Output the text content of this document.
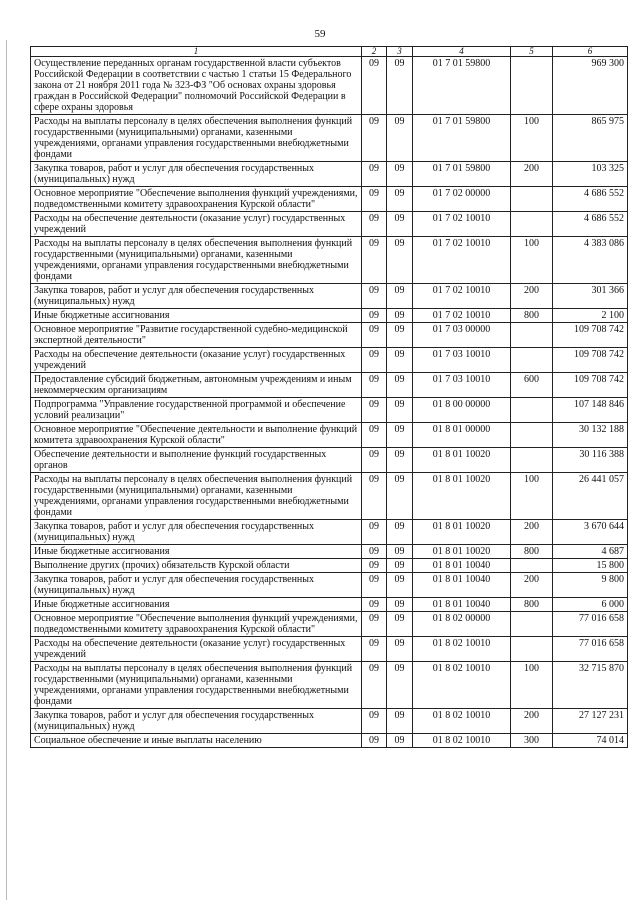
59
1	2	3	4	5	6
Осуществление переданных органам государственной власти субъектов Российской Федерации в соответствии с частью 1 статьи 15 Федерального закона от 21 ноября 2011 года № 323-ФЗ "Об основах охраны здоровья граждан в Российской Федерации" полномочий Российской Федерации в сфере охраны здоровья	09	09	01 7 01 59800		969 300
Расходы на выплаты персоналу в целях обеспечения выполнения функций государственными (муниципальными) органами, казенными учреждениями, органами управления государственными внебюджетными фондами	09	09	01 7 01 59800	100	865 975
Закупка товаров, работ и услуг для обеспечения государственных (муниципальных) нужд	09	09	01 7 01 59800	200	103 325
Основное мероприятие "Обеспечение выполнения функций учреждениями, подведомственными комитету здравоохранения Курской области"	09	09	01 7 02 00000		4 686 552
Расходы на обеспечение деятельности (оказание услуг) государственных учреждений	09	09	01 7 02 10010		4 686 552
Расходы на выплаты персоналу в целях обеспечения выполнения функций государственными (муниципальными) органами, казенными учреждениями, органами управления государственными внебюджетными фондами	09	09	01 7 02 10010	100	4 383 086
Закупка товаров, работ и услуг для обеспечения государственных (муниципальных) нужд	09	09	01 7 02 10010	200	301 366
Иные бюджетные ассигнования	09	09	01 7 02 10010	800	2 100
Основное мероприятие "Развитие государственной судебно-медицинской экспертной деятельности"	09	09	01 7 03 00000		109 708 742
Расходы на обеспечение деятельности (оказание услуг) государственных учреждений	09	09	01 7 03 10010		109 708 742
Предоставление субсидий бюджетным, автономным учреждениям и иным некоммерческим организациям	09	09	01 7 03 10010	600	109 708 742
Подпрограмма "Управление государственной программой и обеспечение условий реализации"	09	09	01 8 00 00000		107 148 846
Основное мероприятие "Обеспечение деятельности и выполнение функций комитета здравоохранения Курской области"	09	09	01 8 01 00000		30 132 188
Обеспечение деятельности и выполнение функций государственных органов	09	09	01 8 01 10020		30 116 388
Расходы на выплаты персоналу в целях обеспечения выполнения функций государственными (муниципальными) органами, казенными учреждениями, органами управления государственными внебюджетными фондами	09	09	01 8 01 10020	100	26 441 057
Закупка товаров, работ и услуг для обеспечения государственных (муниципальных) нужд	09	09	01 8 01 10020	200	3 670 644
Иные бюджетные ассигнования	09	09	01 8 01 10020	800	4 687
Выполнение других (прочих) обязательств Курской области	09	09	01 8 01 10040		15 800
Закупка товаров, работ и услуг для обеспечения государственных (муниципальных) нужд	09	09	01 8 01 10040	200	9 800
Иные бюджетные ассигнования	09	09	01 8 01 10040	800	6 000
Основное мероприятие "Обеспечение выполнения функций учреждениями, подведомственными комитету здравоохранения Курской области"	09	09	01 8 02 00000		77 016 658
Расходы на обеспечение деятельности (оказание услуг) государственных учреждений	09	09	01 8 02 10010		77 016 658
Расходы на выплаты персоналу в целях обеспечения выполнения функций государственными (муниципальными) органами, казенными учреждениями, органами управления государственными внебюджетными фондами	09	09	01 8 02 10010	100	32 715 870
Закупка товаров, работ и услуг для обеспечения государственных (муниципальных) нужд	09	09	01 8 02 10010	200	27 127 231
Социальное обеспечение и иные выплаты населению	09	09	01 8 02 10010	300	74 014
